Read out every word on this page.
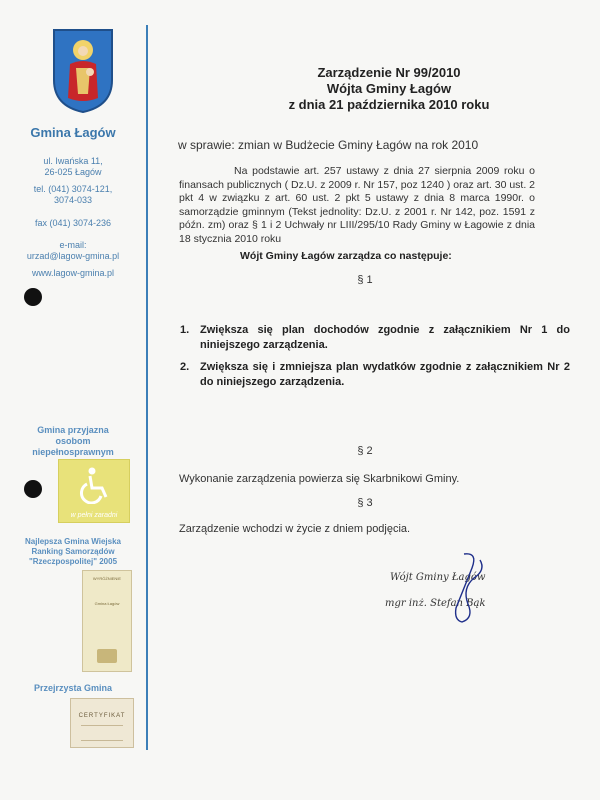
Gmina Łagów
ul. Iwańska 11,
26-025 Łagów
tel. (041) 3074-121,
3074-033
fax (041) 3074-236
e-mail:
urzad@lagow-gmina.pl
www.lagow-gmina.pl
Gmina przyjazna
osobom
niepełnosprawnym
w pełni zaradni
Najlepsza Gmina Wiejska
Ranking Samorządów
"Rzeczpospolitej" 2005
WYRÓŻNIENIE
Gmina Łagów
Przejrzysta Gmina
CERTYFIKAT
Zarządzenie Nr 99/2010
Wójta Gminy Łagów
z dnia 21 października 2010 roku
w sprawie: zmian w Budżecie Gminy Łagów na rok 2010
Na podstawie art. 257 ustawy z dnia 27 sierpnia 2009 roku o finansach publicznych ( Dz.U. z 2009 r. Nr 157, poz 1240 ) oraz art. 30 ust. 2 pkt 4 w związku z art. 60 ust. 2 pkt 5 ustawy z dnia 8 marca 1990r. o samorządzie gminnym (Tekst jednolity: Dz.U. z 2001 r. Nr 142, poz. 1591 z późn. zm) oraz § 1 i 2 Uchwały nr LIII/295/10 Rady Gminy w Łagowie z dnia 18 stycznia 2010 roku
Wójt Gminy Łagów zarządza co następuje:
§ 1
1. Zwiększa się plan dochodów zgodnie z załącznikiem Nr 1 do niniejszego zarządzenia.
2. Zwiększa się i zmniejsza plan wydatków zgodnie z załącznikiem Nr 2 do niniejszego zarządzenia.
§ 2
Wykonanie zarządzenia powierza się Skarbnikowi Gminy.
§ 3
Zarządzenie wchodzi w życie z dniem podjęcia.
Wójt Gminy Łagów
mgr inż. Stefan Bąk
